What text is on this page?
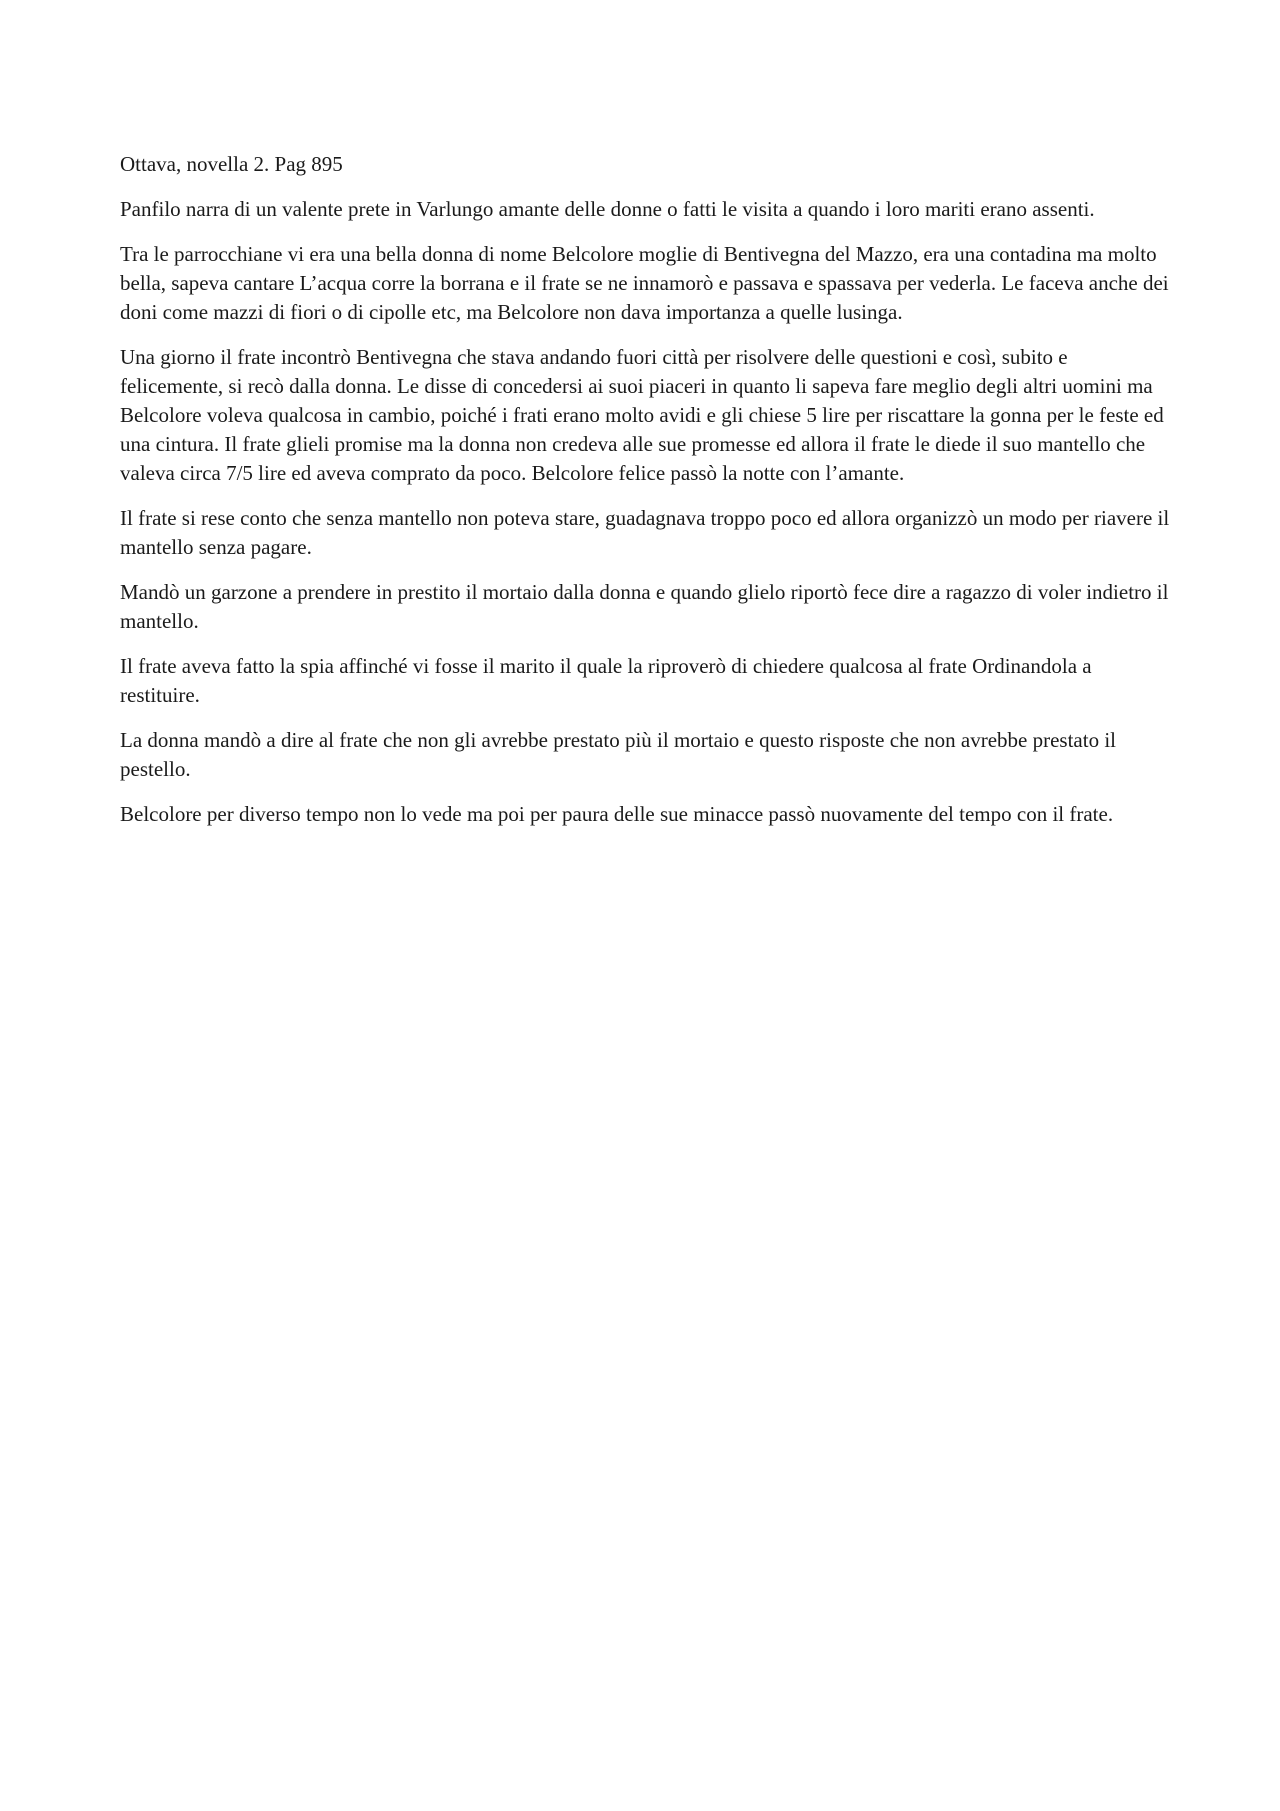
Ottava, novella 2. Pag 895

Panfilo narra di un valente prete in Varlungo amante delle donne o fatti le visita a quando i loro mariti erano assenti.

Tra le parrocchiane vi era una bella donna di nome Belcolore moglie di Bentivegna del Mazzo, era una contadina ma molto bella, sapeva cantare L’acqua corre la borrana e il frate se ne innamorò e passava e spassava per vederla. Le faceva anche dei doni come mazzi di fiori o di cipolle etc, ma Belcolore non dava importanza a quelle lusinga.

Una giorno il frate incontrò Bentivegna che stava andando fuori città per risolvere delle questioni e così, subito e felicemente, si recò dalla donna. Le disse di concedersi ai suoi piaceri in quanto li sapeva fare meglio degli altri uomini ma Belcolore voleva qualcosa in cambio, poiché i frati erano molto avidi e gli chiese 5 lire per riscattare la gonna per le feste ed una cintura. Il frate glieli promise ma la donna non credeva alle sue promesse ed allora il frate le diede il suo mantello che valeva circa 7/5 lire ed aveva comprato da poco. Belcolore felice passò la notte con l’amante.

Il frate si rese conto che senza mantello non poteva stare, guadagnava troppo poco ed allora organizzò un modo per riavere il mantello senza pagare.

Mandò un garzone a prendere in prestito il mortaio dalla donna e quando glielo riportò fece dire a ragazzo di voler indietro il mantello.

Il frate aveva fatto la spia affinché vi fosse il marito il quale la riproverò di chiedere qualcosa al frate Ordinandola a restituire.

La donna mandò a dire al frate che non gli avrebbe prestato più il mortaio e questo risposte che non avrebbe prestato il pestello.

Belcolore per diverso tempo non lo vede ma poi per paura delle sue minacce passò nuovamente del tempo con il frate.
